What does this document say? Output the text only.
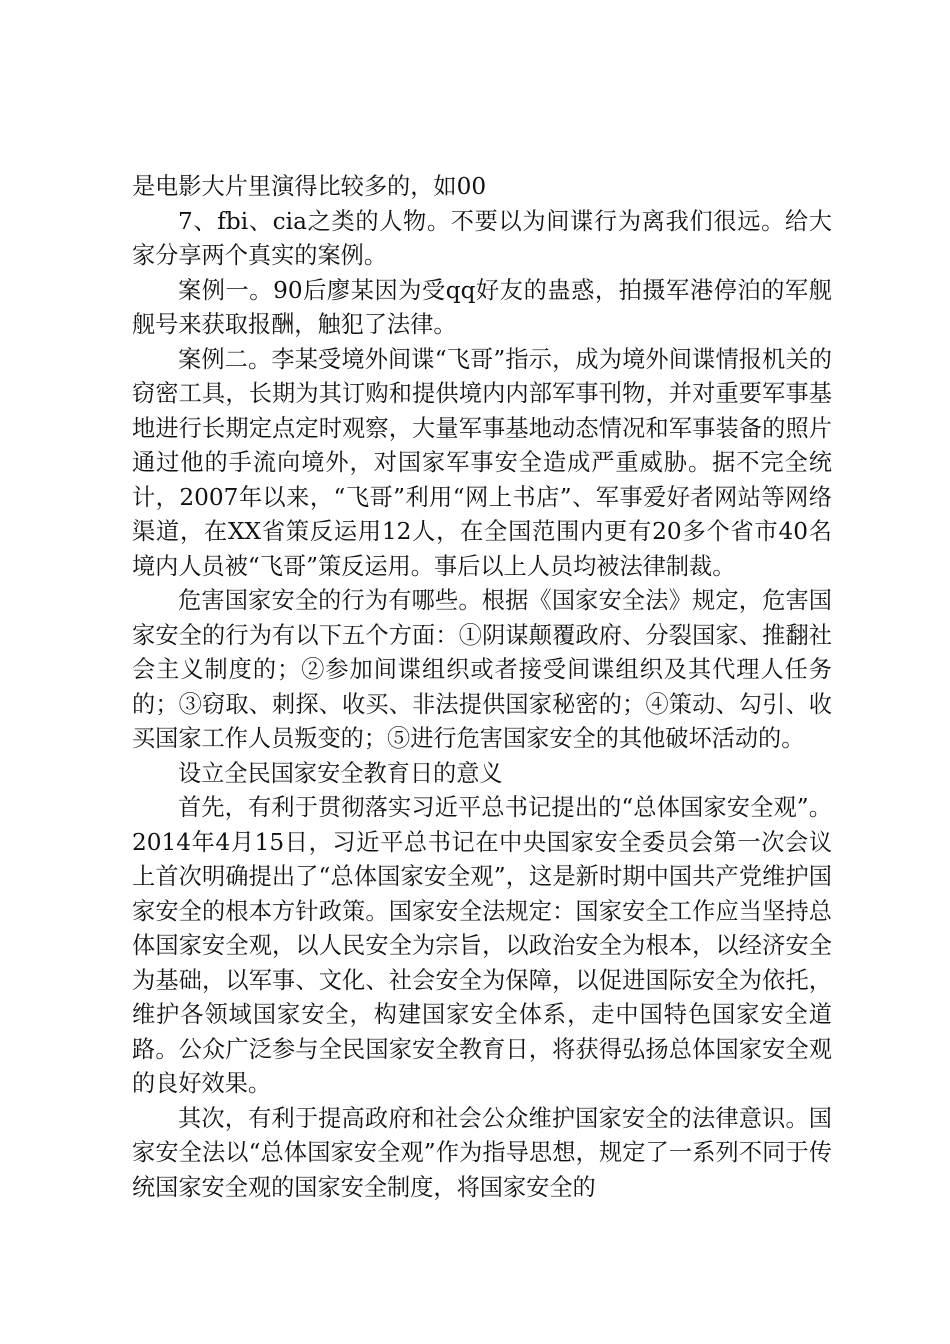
是电影大片里演得比较多的，如00

7、fbi、cia之类的人物。不要以为间谍行为离我们很远。给大家分享两个真实的案例。

案例一。90后廖某因为受qq好友的蛊惑，拍摄军港停泊的军舰舰号来获取报酬，触犯了法律。

案例二。李某受境外间谍“飞哥”指示，成为境外间谍情报机关的窃密工具，长期为其订购和提供境内内部军事刊物，并对重要军事基地进行长期定点定时观察，大量军事基地动态情况和军事装备的照片通过他的手流向境外，对国家军事安全造成严重威胁。据不完全统计，2007年以来，“飞哥”利用“网上书店”、军事爱好者网站等网络渠道，在XX省策反运用12人，在全国范围内更有20多个省市40名境内人员被“飞哥”策反运用。事后以上人员均被法律制裁。

危害国家安全的行为有哪些。根据《国家安全法》规定，危害国家安全的行为有以下五个方面：①阴谋颠覆政府、分裂国家、推翻社会主义制度的；②参加间谍组织或者接受间谍组织及其代理人任务的；③窃取、刺探、收买、非法提供国家秘密的；④策动、勾引、收买国家工作人员叛变的；⑤进行危害国家安全的其他破坏活动的。

设立全民国家安全教育日的意义

首先，有利于贯彻落实习近平总书记提出的“总体国家安全观”。2014年4月15日，习近平总书记在中央国家安全委员会第一次会议上首次明确提出了“总体国家安全观”，这是新时期中国共产党维护国家安全的根本方针政策。国家安全法规定：国家安全工作应当坚持总体国家安全观，以人民安全为宗旨，以政治安全为根本，以经济安全为基础，以军事、文化、社会安全为保障，以促进国际安全为依托，维护各领域国家安全，构建国家安全体系，走中国特色国家安全道路。公众广泛参与全民国家安全教育日，将获得弘扬总体国家安全观的良好效果。

其次，有利于提高政府和社会公众维护国家安全的法律意识。国家安全法以“总体国家安全观”作为指导思想，规定了一系列不同于传统国家安全观的国家安全制度，将国家安全的
